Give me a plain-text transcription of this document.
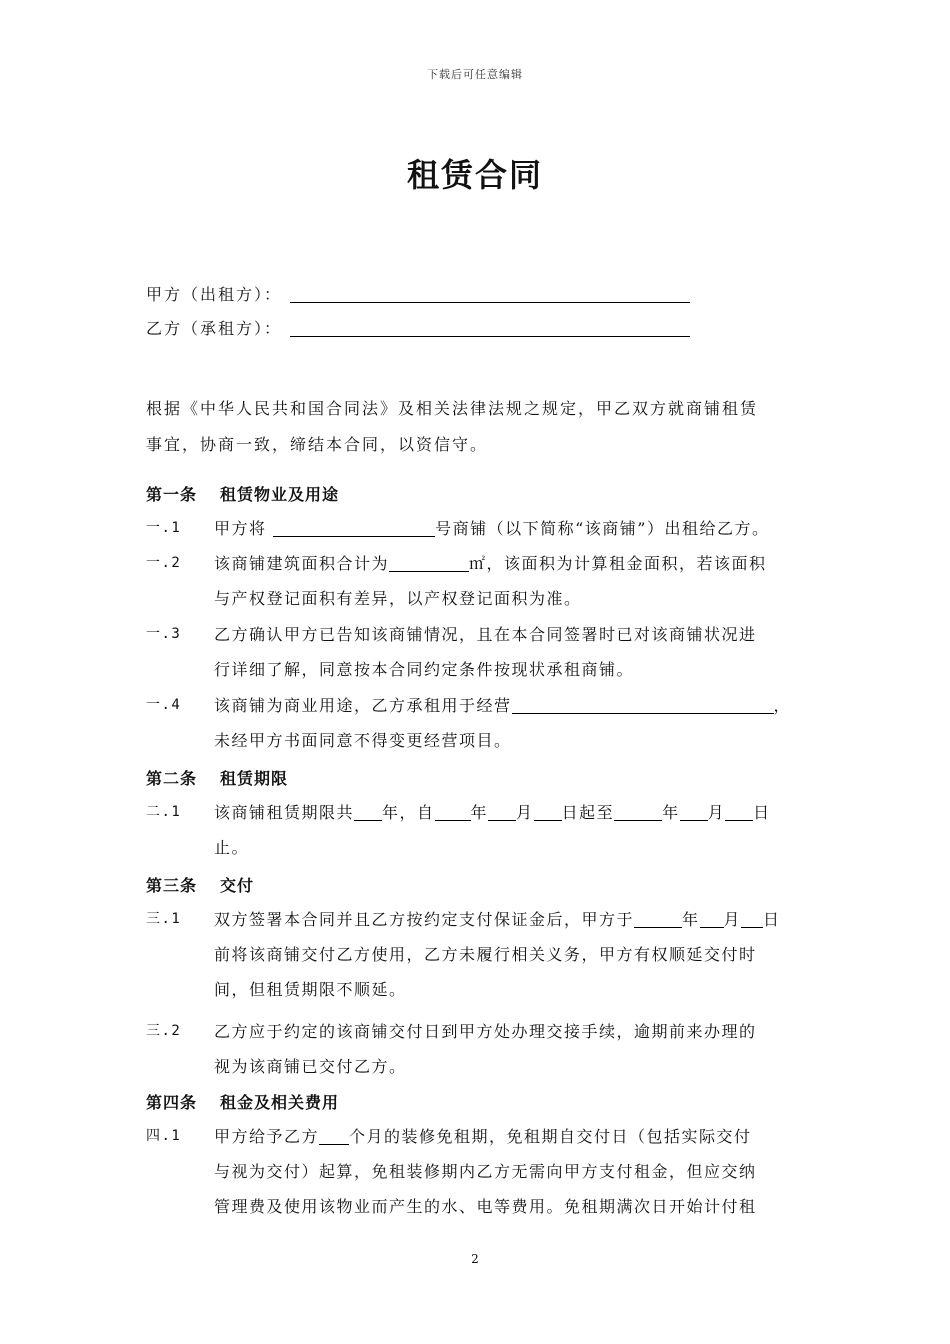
下载后可任意编辑
租赁合同
甲方（出租方）：
乙方（承租方）：
根据《中华人民共和国合同法》及相关法律法规之规定，甲乙双方就商铺租赁
事宜，协商一致，缔结本合同，以资信守。
第一条 租赁物业及用途
一.1	甲方将	号商铺（以下简称“该商铺”）出租给乙方。
一.2	该商铺建筑面积合计为	㎡，该面积为计算租金面积，若该面积
与产权登记面积有差异，以产权登记面积为准。
一.3	乙方确认甲方已告知该商铺情况，且在本合同签署时已对该商铺状况进
行详细了解，同意按本合同约定条件按现状承租商铺。
一.4	该商铺为商业用途，乙方承租用于经营	，
未经甲方书面同意不得变更经营项目。
第二条 租赁期限
二.1	该商铺租赁期限共 年，自 年 月 日起至	年 月 日
止。
第三条 交付
三.1	双方签署本合同并且乙方按约定支付保证金后，甲方于	年 月 日
前将该商铺交付乙方使用，乙方未履行相关义务，甲方有权顺延交付时
间，但租赁期限不顺延。
三.2	乙方应于约定的该商铺交付日到甲方处办理交接手续，逾期前来办理的
视为该商铺已交付乙方。
第四条 租金及相关费用
四.1	甲方给予乙方 个月的装修免租期，免租期自交付日（包括实际交付
与视为交付）起算，免租装修期内乙方无需向甲方支付租金，但应交纳
管理费及使用该物业而产生的水、电等费用。免租期满次日开始计付租
2
